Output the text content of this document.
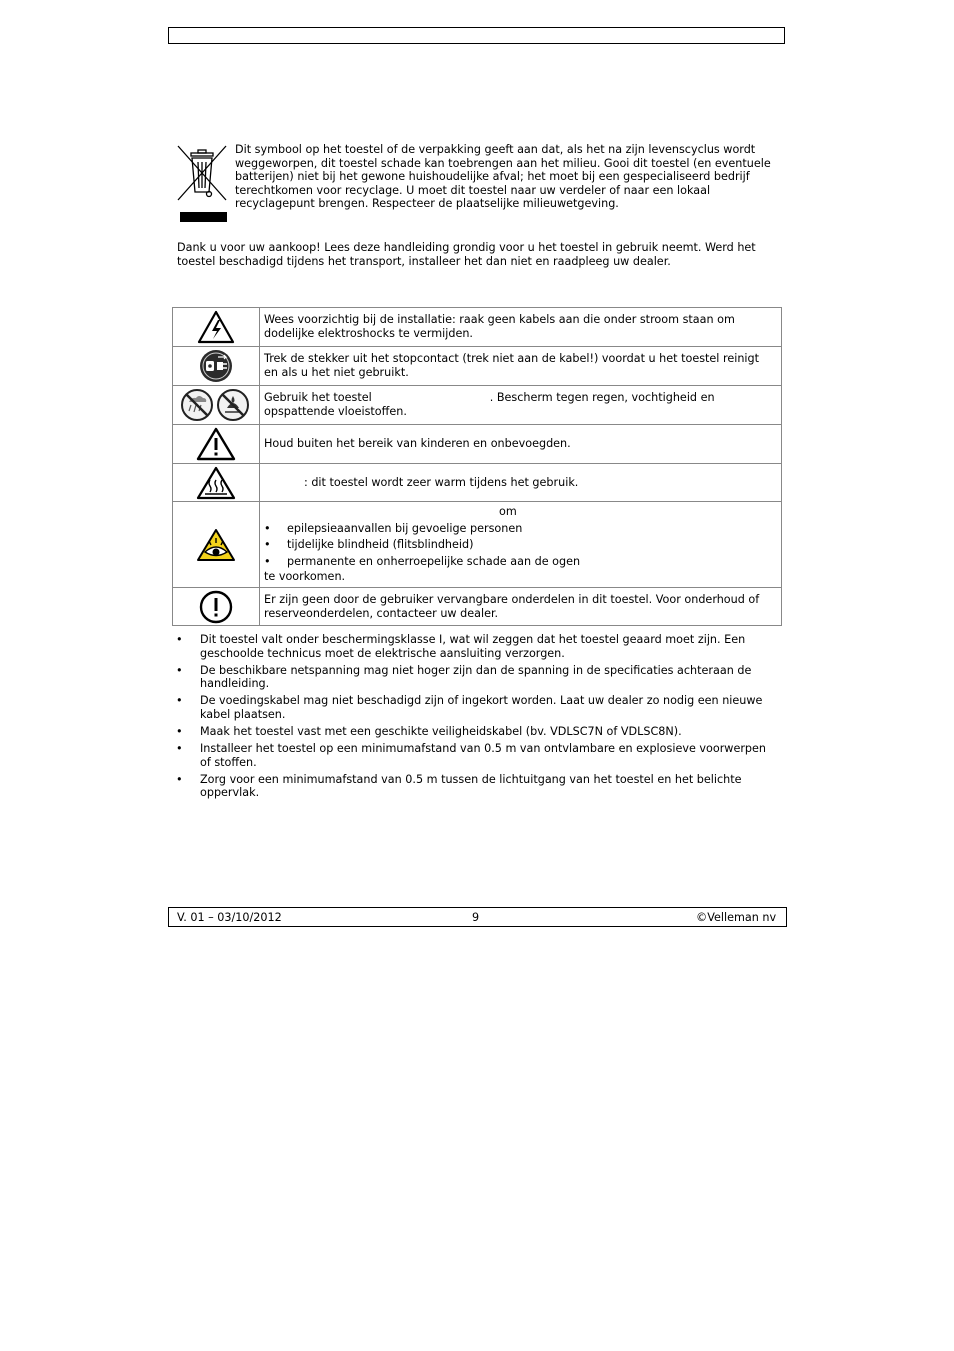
Dit symbool op het toestel of de verpakking geeft aan dat, als het na zijn levenscyclus wordt
weggeworpen, dit toestel schade kan toebrengen aan het milieu. Gooi dit toestel (en eventuele
batterijen) niet bij het gewone huishoudelijke afval; het moet bij een gespecialiseerd bedrijf
terechtkomen voor recyclage. U moet dit toestel naar uw verdeler of naar een lokaal
recyclagepunt brengen. Respecteer de plaatselijke milieuwetgeving.
Dank u voor uw aankoop! Lees deze handleiding grondig voor u het toestel in gebruik neemt. Werd het
toestel beschadigd tijdens het transport, installeer het dan niet en raadpleeg uw dealer.

Wees voorzichtig bij de installatie: raak geen kabels aan die onder stroom staan om
dodelijke elektroshocks te vermijden.

Trek de stekker uit het stopcontact (trek niet aan de kabel!) voordat u het toestel reinigt
en als u het niet gebruikt.

Gebruik het toestel . Bescherm tegen regen, vochtigheid en
opspattende vloeistoffen.

Houd buiten het bereik van kinderen en onbevoegden.

: dit toestel wordt zeer warm tijdens het gebruik.

om
• epilepsieaanvallen bij gevoelige personen
• tijdelijke blindheid (flitsblindheid)
• permanente en onherroepelijke schade aan de ogen
te voorkomen.

Er zijn geen door de gebruiker vervangbare onderdelen in dit toestel. Voor onderhoud of
reserveonderdelen, contacteer uw dealer.
• Dit toestel valt onder beschermingsklasse I, wat wil zeggen dat het toestel geaard moet zijn. Een
geschoolde technicus moet de elektrische aansluiting verzorgen.
• De beschikbare netspanning mag niet hoger zijn dan de spanning in de specificaties achteraan de
handleiding.
• De voedingskabel mag niet beschadigd zijn of ingekort worden. Laat uw dealer zo nodig een nieuwe
kabel plaatsen.
• Maak het toestel vast met een geschikte veiligheidskabel (bv. VDLSC7N of VDLSC8N).
• Installeer het toestel op een minimumafstand van 0.5 m van ontvlambare en explosieve voorwerpen
of stoffen.
• Zorg voor een minimumafstand van 0.5 m tussen de lichtuitgang van het toestel en het belichte
oppervlak.
V. 01 – 03/10/2012	9	©Velleman nv
